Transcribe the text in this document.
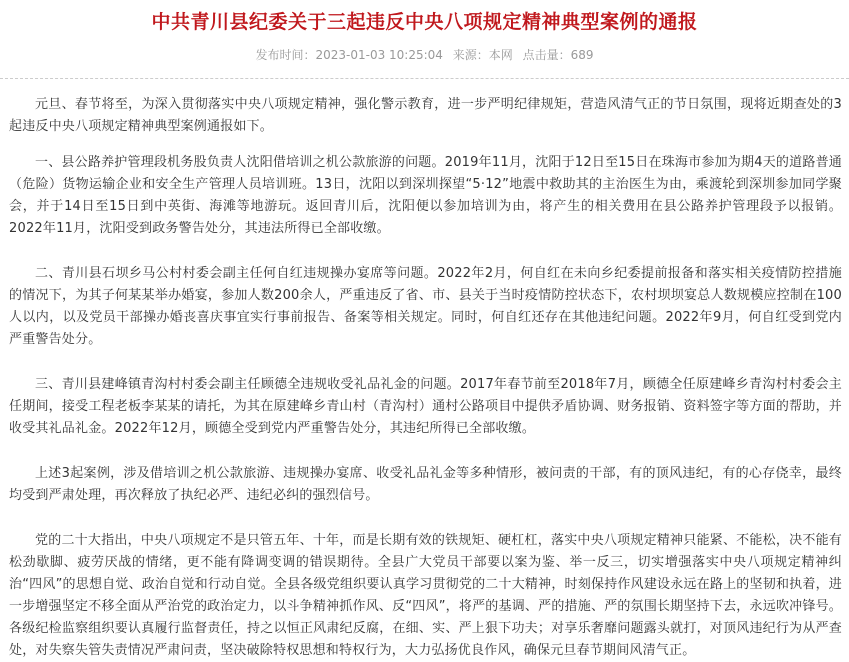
中共青川县纪委关于三起违反中央八项规定精神典型案例的通报
发布时间：2023-01-03 10:25:04 来源：本网 点击量：689

元旦、春节将至，为深入贯彻落实中央八项规定精神，强化警示教育，进一步严明纪律规矩，营造风清气正的节日氛围，现将近期查处的3起违反中央八项规定精神典型案例通报如下。

一、县公路养护管理段机务股负责人沈阳借培训之机公款旅游的问题。2019年11月，沈阳于12日至15日在珠海市参加为期4天的道路普通（危险）货物运输企业和安全生产管理人员培训班。13日，沈阳以到深圳探望“5·12”地震中救助其的主治医生为由，乘渡轮到深圳参加同学聚会，并于14日至15日到中英街、海滩等地游玩。返回青川后，沈阳便以参加培训为由，将产生的相关费用在县公路养护管理段予以报销。2022年11月，沈阳受到政务警告处分，其违法所得已全部收缴。

二、青川县石坝乡马公村村委会副主任何自红违规操办宴席等问题。2022年2月，何自红在未向乡纪委提前报备和落实相关疫情防控措施的情况下，为其子何某某举办婚宴，参加人数200余人，严重违反了省、市、县关于当时疫情防控状态下，农村坝坝宴总人数规模应控制在100人以内，以及党员干部操办婚丧喜庆事宜实行事前报告、备案等相关规定。同时，何自红还存在其他违纪问题。2022年9月，何自红受到党内严重警告处分。

三、青川县建峰镇青沟村村委会副主任顾德全违规收受礼品礼金的问题。2017年春节前至2018年7月，顾德全任原建峰乡青沟村村委会主任期间，接受工程老板李某某的请托，为其在原建峰乡青山村（青沟村）通村公路项目中提供矛盾协调、财务报销、资料签字等方面的帮助，并收受其礼品礼金。2022年12月，顾德全受到党内严重警告处分，其违纪所得已全部收缴。

上述3起案例，涉及借培训之机公款旅游、违规操办宴席、收受礼品礼金等多种情形，被问责的干部，有的顶风违纪，有的心存侥幸，最终均受到严肃处理，再次释放了执纪必严、违纪必纠的强烈信号。

党的二十大指出，中央八项规定不是只管五年、十年，而是长期有效的铁规矩、硬杠杠，落实中央八项规定精神只能紧、不能松，决不能有松劲歇脚、疲劳厌战的情绪，更不能有降调变调的错误期待。全县广大党员干部要以案为鉴、举一反三，切实增强落实中央八项规定精神纠治“四风”的思想自觉、政治自觉和行动自觉。全县各级党组织要认真学习贯彻党的二十大精神，时刻保持作风建设永远在路上的坚韧和执着，进一步增强坚定不移全面从严治党的政治定力，以斗争精神抓作风、反“四风”，将严的基调、严的措施、严的氛围长期坚持下去，永远吹冲锋号。各级纪检监察组织要认真履行监督责任，持之以恒正风肃纪反腐，在细、实、严上狠下功夫；对享乐奢靡问题露头就打，对顶风违纪行为从严查处，对失察失管失责情况严肃问责，坚决破除特权思想和特权行为，大力弘扬优良作风，确保元旦春节期间风清气正。
